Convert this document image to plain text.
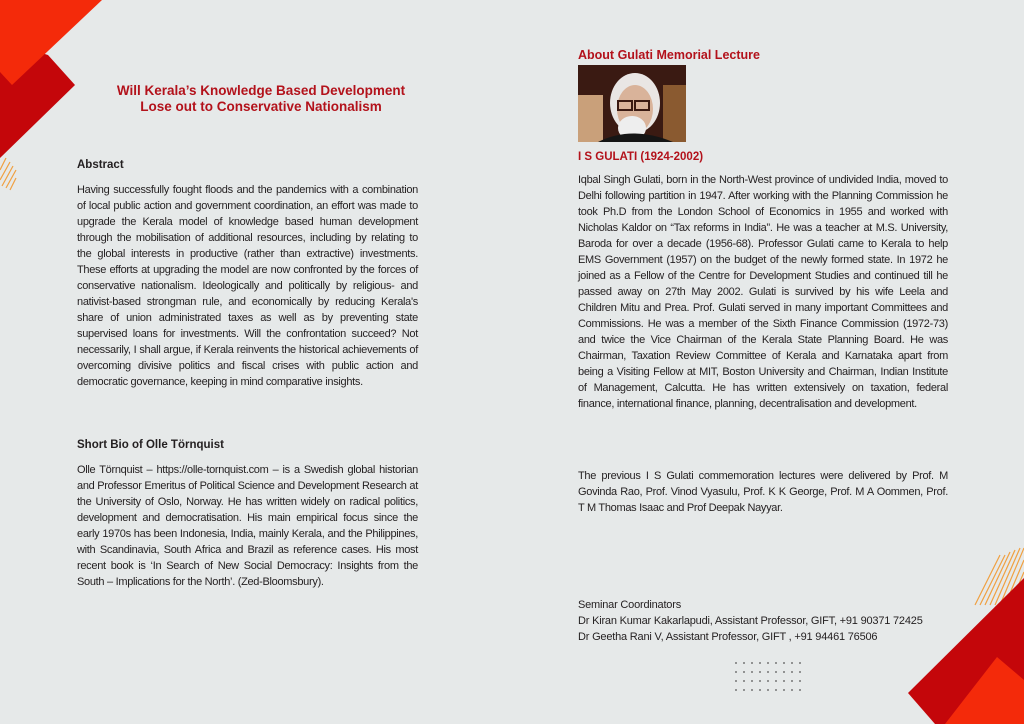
Will Kerala’s Knowledge Based Development
Lose out to Conservative Nationalism
Abstract

Having successfully fought floods and the pandemics with a combination of local public action and government coordination, an effort was made to upgrade the Kerala model of knowledge based human development through the mobilisation of additional resources, including by relating to the global interests in productive (rather than extractive) investments. These efforts at upgrading the model are now confronted by the forces of conservative nationalism. Ideologically and politically by religious- and nativist-based strongman rule, and economically by reducing Kerala's share of union administrated taxes as well as by preventing state supervised loans for investments. Will the confrontation succeed? Not necessarily, I shall argue, if Kerala reinvents the historical achievements of overcoming divisive politics and fiscal crises with public action and democratic governance, keeping in mind comparative insights.

Short Bio of Olle Törnquist

Olle Törnquist – https://olle-tornquist.com – is a Swedish global historian and Professor Emeritus of Political Science and Development Research at the University of Oslo, Norway. He has written widely on radical politics, development and democratisation. His main empirical focus since the early 1970s has been Indonesia, India, mainly Kerala, and the Philippines, with Scandinavia, South Africa and Brazil as reference cases. His most recent book is ‘In Search of New Social Democracy: Insights from the South – Implications for the North’. (Zed-Bloomsbury).

About Gulati Memorial Lecture
I S GULATI (1924-2002)

Iqbal Singh Gulati, born in the North-West province of undivided India, moved to Delhi following partition in 1947. After working with the Planning Commission he took Ph.D from the London School of Economics in 1955 and worked with Nicholas Kaldor on “Tax reforms in India”. He was a teacher at M.S. University, Baroda for over a decade (1956-68). Professor Gulati came to Kerala to help EMS Government (1957) on the budget of the newly formed state. In 1972 he joined as a Fellow of the Centre for Development Studies and continued till he passed away on 27th May 2002. Gulati is survived by his wife Leela and Children Mitu and Prea. Prof. Gulati served in many important Committees and Commissions. He was a member of the Sixth Finance Commission (1972-73) and twice the Vice Chairman of the Kerala State Planning Board. He was Chairman, Taxation Review Committee of Kerala and Karnataka apart from being a Visiting Fellow at MIT, Boston University and Chairman, Indian Institute of Management, Calcutta. He has written extensively on taxation, federal finance, international finance, planning, decentralisation and development.

The previous I S Gulati commemoration lectures were delivered by Prof. M Govinda Rao, Prof. Vinod Vyasulu, Prof. K K George, Prof. M A Oommen, Prof. T M Thomas Isaac and Prof Deepak Nayyar.

Seminar Coordinators
Dr Kiran Kumar Kakarlapudi, Assistant Professor, GIFT, +91 90371 72425
Dr Geetha Rani V, Assistant Professor, GIFT , +91 94461 76506
